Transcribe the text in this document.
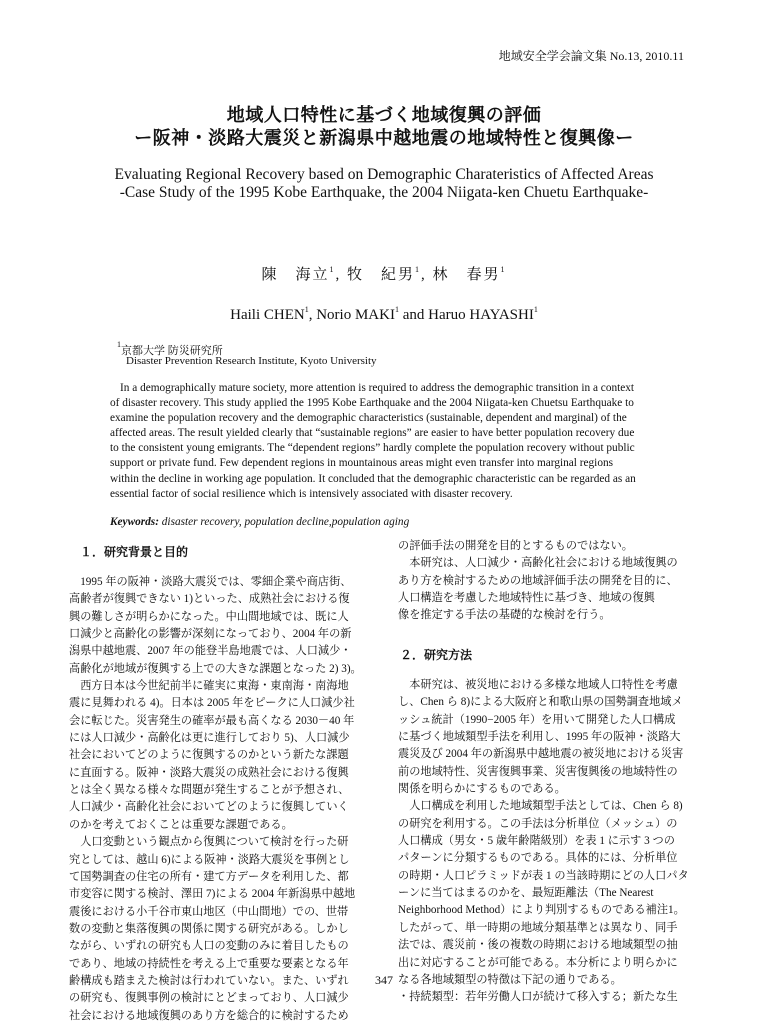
地域安全学会論文集 No.13, 2010.11
地域人口特性に基づく地域復興の評価
ー阪神・淡路大震災と新潟県中越地震の地域特性と復興像ー
Evaluating Regional Recovery based on Demographic Charateristics of Affected Areas
-Case Study of the 1995 Kobe Earthquake, the 2004 Niigata-ken Chuetu Earthquake-
陳　海立$^1$, 牧　紀男$^1$, 林　春男$^1$
Haili CHEN$^1$, Norio MAKI$^1$ and Haruo HAYASHI$^1$
$^1$京都大学 防災研究所
Disaster Prevention Research Institute, Kyoto University
In a demographically mature society, more attention is required to address the demographic transition in a context
of disaster recovery. This study applied the 1995 Kobe Earthquake and the 2004 Niigata-ken Chuetsu Earthquake to
examine the population recovery and the demographic characteristics (sustainable, dependent and marginal) of the
affected areas. The result yielded clearly that “sustainable regions” are easier to have better population recovery due
to the consistent young emigrants. The “dependent regions” hardly complete the population recovery without public
support or private fund. Few dependent regions in mountainous areas might even transfer into marginal regions
within the decline in working age population. It concluded that the demographic characteristic can be regarded as an
essential factor of social resilience which is intensively associated with disaster recovery.
Keywords: disaster recovery, population decline,population aging
１．研究背景と目的
　1995 年の阪神・淡路大震災では、零細企業や商店街、
高齢者が復興できない 1)といった、成熟社会における復
興の難しさが明らかになった。中山間地域では、既に人
口減少と高齢化の影響が深刻になっており、2004 年の新
潟県中越地震、2007 年の能登半島地震では、人口減少・
高齢化が地域が復興する上での大きな課題となった 2) 3)。
　西方日本は今世紀前半に確実に東海・東南海・南海地
震に見舞われる 4)。日本は 2005 年をピークに人口減少社
会に転じた。災害発生の確率が最も高くなる 2030－40 年
には人口減少・高齢化は更に進行しており 5)、人口減少
社会においてどのように復興するのかという新たな課題
に直面する。阪神・淡路大震災の成熟社会における復興
とは全く異なる様々な問題が発生することが予想され、
人口減少・高齢化社会においてどのように復興していく
のかを考えておくことは重要な課題である。
　人口変動という観点から復興について検討を行った研
究としては、越山 6)による阪神・淡路大震災を事例とし
て国勢調査の住宅の所有・建て方データを利用した、都
市変容に関する検討、澤田 7)による 2004 年新潟県中越地
震後における小千谷市東山地区（中山間地）での、世帯
数の変動と集落復興の関係に関する研究がある。しかし
ながら、いずれの研究も人口の変動のみに着目したもの
であり、地域の持続性を考える上で重要な要素となる年
齢構成も踏まえた検討は行われていない。また、いずれ
の研究も、復興事例の検討にとどまっており、人口減少
社会における地域復興のあり方を総合的に検討するため
の評価手法の開発を目的とするものではない。
　本研究は、人口減少・高齢化社会における地域復興の
あり方を検討するための地域評価手法の開発を目的に、
人口構造を考慮した地域特性に基づき、地域の復興
像を推定する手法の基礎的な検討を行う。
２．研究方法
　本研究は、被災地における多様な地域人口特性を考慮
し、Chen ら 8)による大阪府と和歌山県の国勢調査地域メ
ッシュ統計（1990−2005 年）を用いて開発した人口構成
に基づく地域類型手法を利用し、1995 年の阪神・淡路大
震災及び 2004 年の新潟県中越地震の被災地における災害
前の地域特性、災害復興事業、災害復興後の地域特性の
関係を明らかにするものである。
　人口構成を利用した地域類型手法としては、Chen ら 8)
の研究を利用する。この手法は分析単位（メッシュ）の
人口構成（男女・5 歳年齢階級別）を表 1 に示す 3 つの
パターンに分類するものである。具体的には、分析単位
の時期・人口ピラミッドが表 1 の当該時期にどの人口パタ
ーンに当てはまるのかを、最短距離法（The Nearest
Neighborhood Method）により判別するものである補注1。
したがって、単一時期の地域分類基準とは異なり、同手
法では、震災前・後の複数の時期における地域類型の抽
出に対応することが可能である。本分析により明らかに
なる各地域類型の特徴は下記の通りである。
・持続類型：若年労働人口が続けて移入する；新たな生
347
